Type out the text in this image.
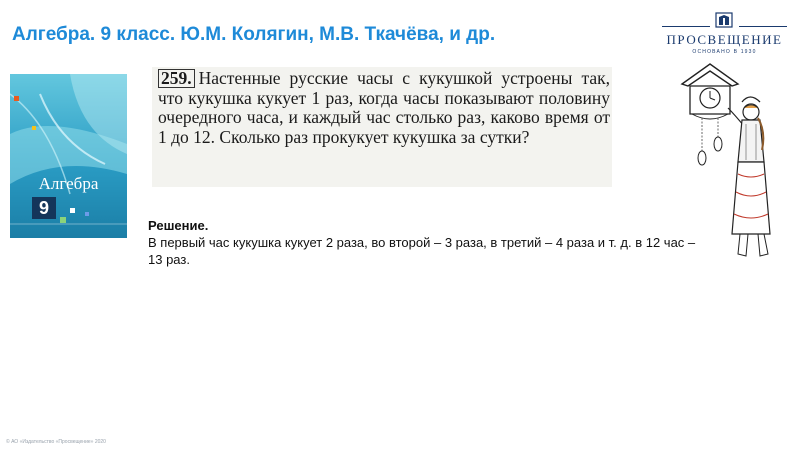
Алгебра. 9 класс. Ю.М. Колягин, М.В. Ткачёва, и др.	ПРОСВЕЩЕНИЕ
ОСНОВАНО В 1930
Алгебра
9
259. Настенные русские часы с кукушкой устроены так, что кукушка кукует 1 раз, когда часы показывают половину очередного часа, и каждый час столько раз, каково время от 1 до 12. Сколько раз прокукует кукушка за сутки?
Решение.
В первый час кукушка кукует 2 раза, во второй – 3 раза, в третий – 4 раза и т. д. в 12 час – 13 раз.
© АО «Издательство «Просвещение» 2020
